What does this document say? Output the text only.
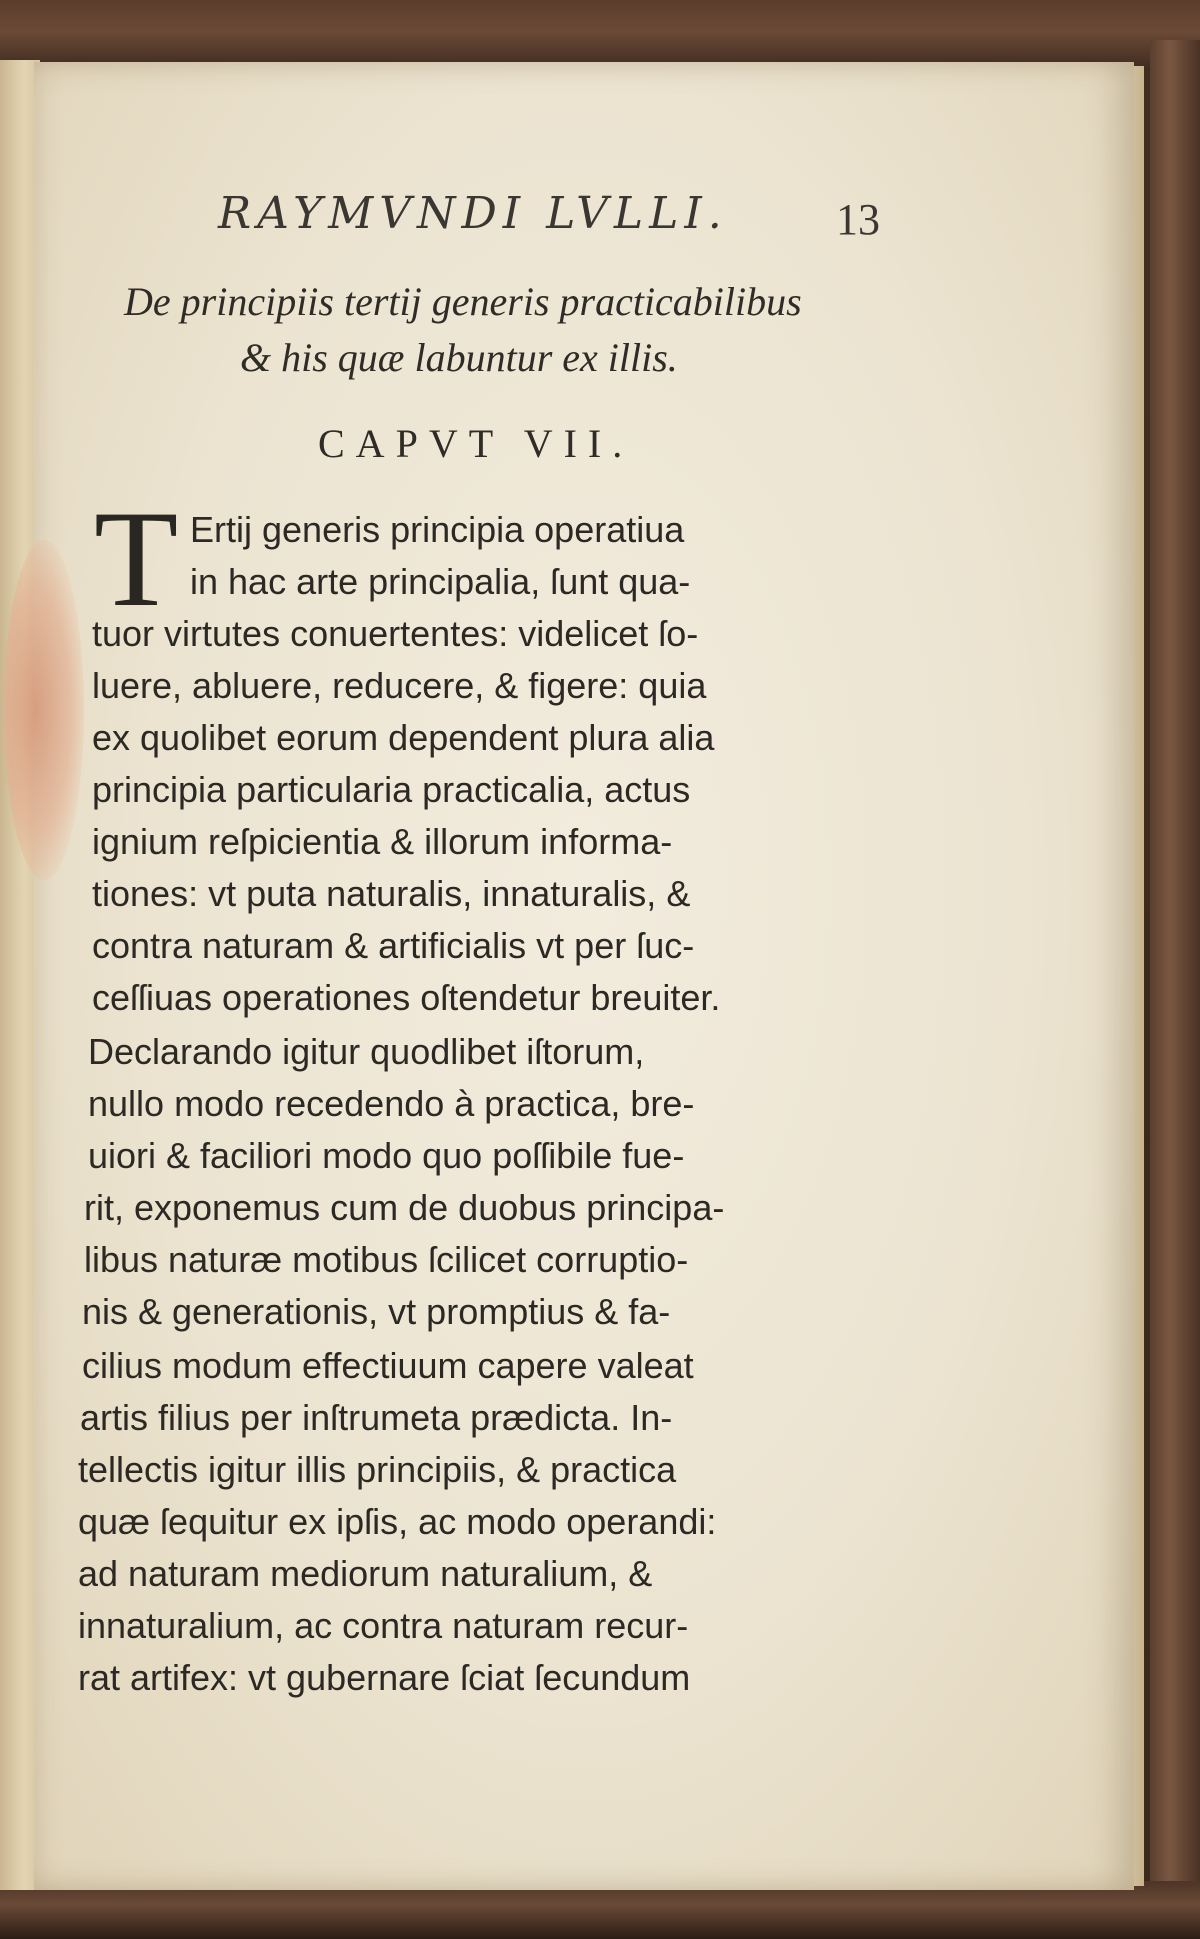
RAYMVNDI LVLLI. 13
De principiis tertij generis practicabilibus
& his quæ labuntur ex illis.
CAPVT VII.
T Ertij generis principia operatiua
in hac arte principalia, ſunt qua-
tuor virtutes conuertentes: videlicet ſo-
luere, abluere, reducere, & figere: quia
ex quolibet eorum dependent plura alia
principia particularia practicalia, actus
ignium reſpicientia & illorum informa-
tiones: vt puta naturalis, innaturalis, &
contra naturam & artificialis vt per ſuc-
ceſſiuas operationes oſtendetur breuiter.
Declarando igitur quodlibet iſtorum,
nullo modo recedendo à practica, bre-
uiori & faciliori modo quo poſſibile fue-
rit, exponemus cum de duobus principa-
libus naturæ motibus ſcilicet corruptio-
nis & generationis, vt promptius & fa-
cilius modum effectiuum capere valeat
artis filius per inſtrumeta prædicta. In-
tellectis igitur illis principiis, & practica
quæ ſequitur ex ipſis, ac modo operandi:
ad naturam mediorum naturalium, &
innaturalium, ac contra naturam recur-
rat artifex: vt gubernare ſciat ſecundum
